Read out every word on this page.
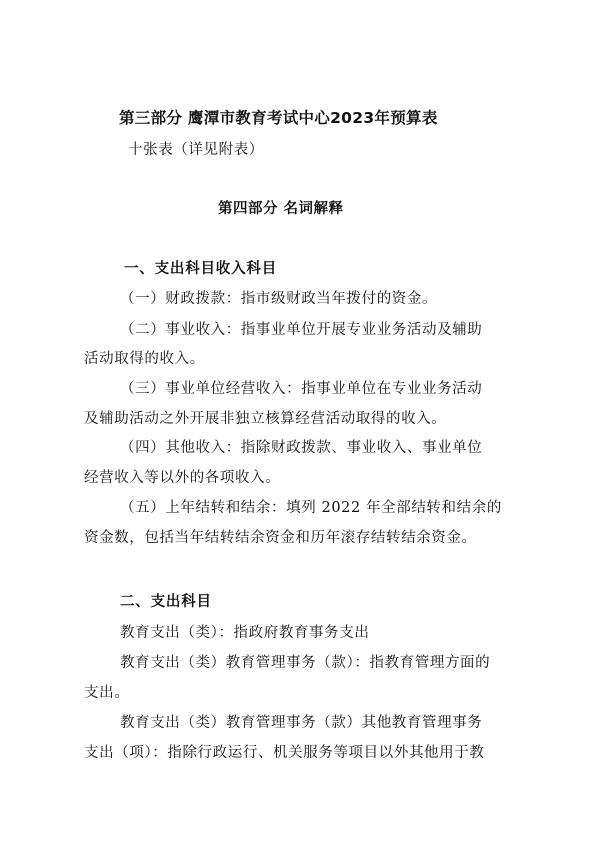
第三部分 鹰潭市教育考试中心2023年预算表
十张表（详见附表）
第四部分 名词解释
一、支出科目收入科目
（一）财政拨款：指市级财政当年拨付的资金。
（二）事业收入：指事业单位开展专业业务活动及辅助
活动取得的收入。
（三）事业单位经营收入：指事业单位在专业业务活动
及辅助活动之外开展非独立核算经营活动取得的收入。
（四）其他收入：指除财政拨款、事业收入、事业单位
经营收入等以外的各项收入。
（五）上年结转和结余：填列 2022 年全部结转和结余的
资金数，包括当年结转结余资金和历年滚存结转结余资金。
二、支出科目
教育支出（类）：指政府教育事务支出
教育支出（类）教育管理事务（款）：指教育管理方面的
支出。
教育支出（类）教育管理事务（款）其他教育管理事务
支出（项）：指除行政运行、机关服务等项目以外其他用于教
